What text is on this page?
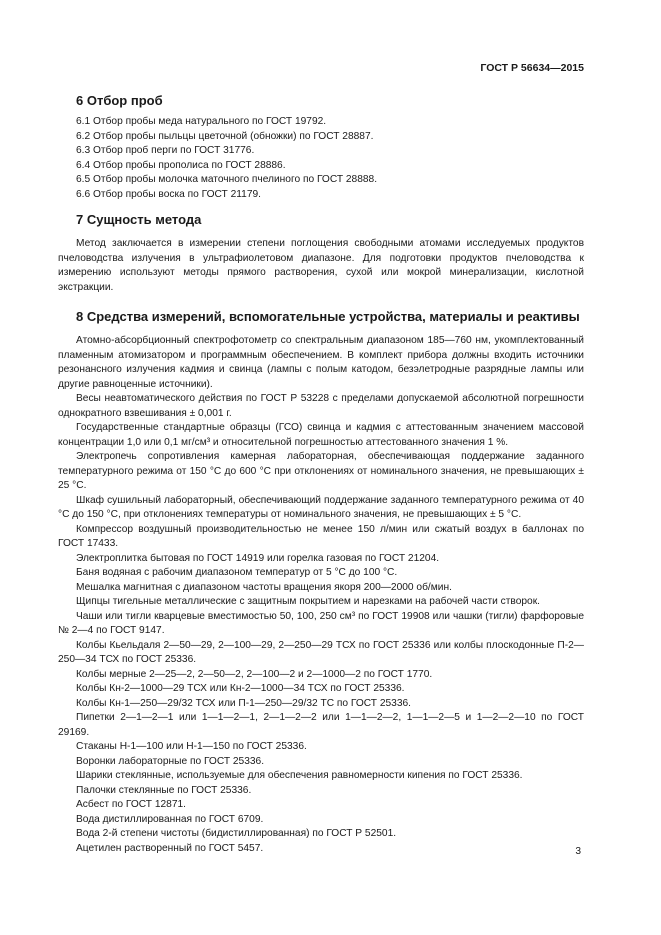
ГОСТ Р 56634—2015
6 Отбор проб
6.1 Отбор пробы меда натурального по ГОСТ 19792.
6.2 Отбор пробы пыльцы цветочной (обножки) по ГОСТ 28887.
6.3 Отбор проб перги по ГОСТ 31776.
6.4 Отбор пробы прополиса по ГОСТ 28886.
6.5 Отбор пробы молочка маточного пчелиного по ГОСТ 28888.
6.6 Отбор пробы воска по ГОСТ 21179.
7 Сущность метода

Метод заключается в измерении степени поглощения свободными атомами исследуемых продуктов пчеловодства излучения в ультрафиолетовом диапазоне. Для подготовки продуктов пчеловодства к измерению используют методы прямого растворения, сухой или мокрой минерализации, кислотной экстракции.

8 Средства измерений, вспомогательные устройства, материалы и реактивы

Атомно-абсорбционный спектрофотометр со спектральным диапазоном 185—760 нм, укомплектованный пламенным атомизатором и программным обеспечением. В комплект прибора должны входить источники резонансного излучения кадмия и свинца (лампы с полым катодом, безэлетродные разрядные лампы или другие равноценные источники).

Весы неавтоматического действия по ГОСТ Р 53228 с пределами допускаемой абсолютной погрешности однократного взвешивания ± 0,001 г.

Государственные стандартные образцы (ГСО) свинца и кадмия с аттестованным значением массовой концентрации 1,0 или 0,1 мг/см³ и относительной погрешностью аттестованного значения 1 %.

Электропечь сопротивления камерная лабораторная, обеспечивающая поддержание заданного температурного режима от 150 °С до 600 °С при отклонениях от номинального значения, не превышающих ± 25 °С.

Шкаф сушильный лабораторный, обеспечивающий поддержание заданного температурного режима от 40 °С до 150 °С, при отклонениях температуры от номинального значения, не превышающих ± 5 °С.

Компрессор воздушный производительностью не менее 150 л/мин или сжатый воздух в баллонах по ГОСТ 17433.

Электроплитка бытовая по ГОСТ 14919 или горелка газовая по ГОСТ 21204.

Баня водяная с рабочим диапазоном температур от 5 °С до 100 °С.

Мешалка магнитная с диапазоном частоты вращения якоря 200—2000 об/мин.

Щипцы тигельные металлические с защитным покрытием и нарезками на рабочей части створок.

Чаши или тигли кварцевые вместимостью 50, 100, 250 см³ по ГОСТ 19908 или чашки (тигли) фарфоровые № 2—4 по ГОСТ 9147.

Колбы Кьельдаля 2—50—29, 2—100—29, 2—250—29 ТСХ по ГОСТ 25336 или колбы плоскодонные П-2—250—34 ТСХ по ГОСТ 25336.

Колбы мерные 2—25—2, 2—50—2, 2—100—2 и 2—1000—2 по ГОСТ 1770.

Колбы Кн-2—1000—29 ТСХ или Кн-2—1000—34 ТСХ по ГОСТ 25336.

Колбы Кн-1—250—29/32 ТСХ или П-1—250—29/32 ТС по ГОСТ 25336.

Пипетки 2—1—2—1 или 1—1—2—1, 2—1—2—2 или 1—1—2—2, 1—1—2—5 и 1—2—2—10 по ГОСТ 29169.

Стаканы Н-1—100 или Н-1—150 по ГОСТ 25336.

Воронки лабораторные по ГОСТ 25336.

Шарики стеклянные, используемые для обеспечения равномерности кипения по ГОСТ 25336.

Палочки стеклянные по ГОСТ 25336.

Асбест по ГОСТ 12871.

Вода дистиллированная по ГОСТ 6709.

Вода 2-й степени чистоты (бидистиллированная) по ГОСТ Р 52501.

Ацетилен растворенный по ГОСТ 5457.	3
